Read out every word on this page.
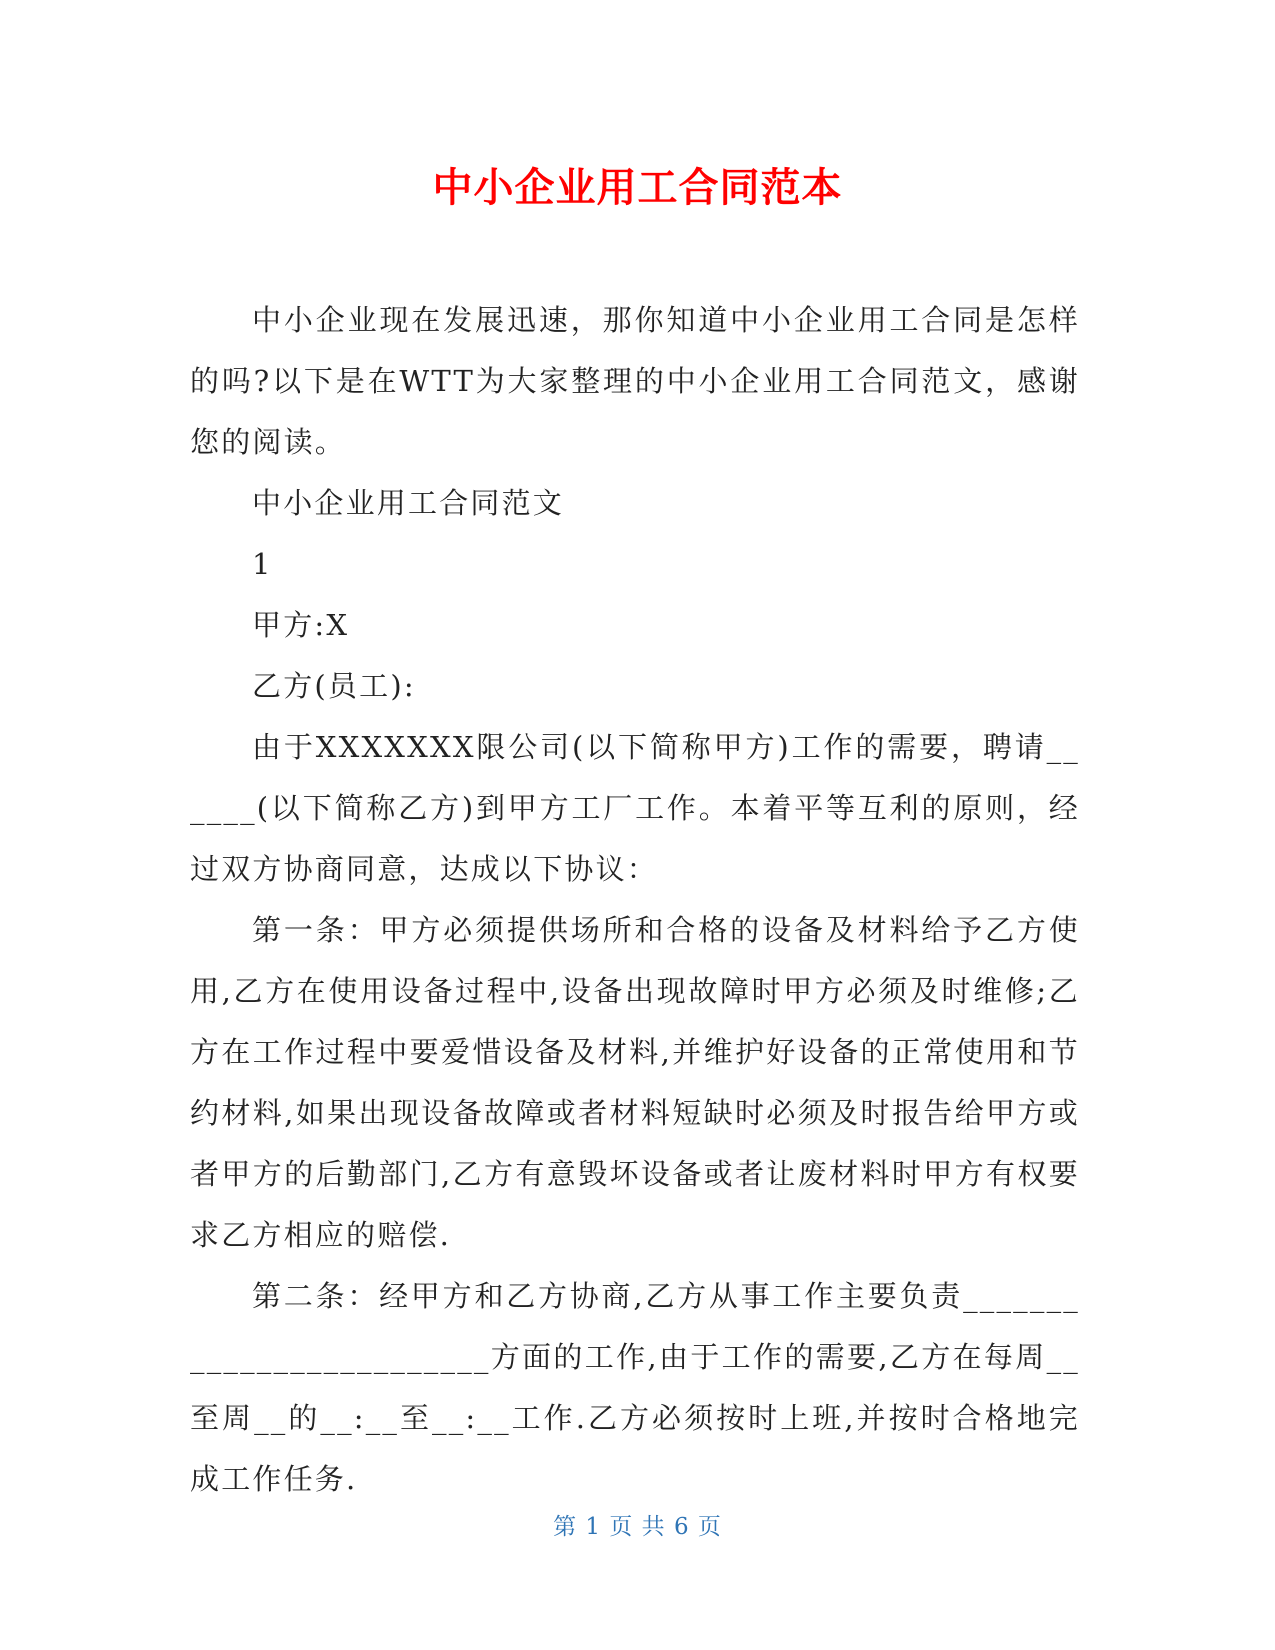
中小企业用工合同范本

中小企业现在发展迅速，那你知道中小企业用工合同是怎样的吗?以下是在WTT为大家整理的中小企业用工合同范文，感谢您的阅读。

中小企业用工合同范文

1

甲方:X

乙方(员工):

由于XXXXXXX限公司(以下简称甲方)工作的需要，聘请______(以下简称乙方)到甲方工厂工作。本着平等互利的原则，经过双方协商同意，达成以下协议：

第一条：甲方必须提供场所和合格的设备及材料给予乙方使用,乙方在使用设备过程中,设备出现故障时甲方必须及时维修;乙方在工作过程中要爱惜设备及材料,并维护好设备的正常使用和节约材料,如果出现设备故障或者材料短缺时必须及时报告给甲方或者甲方的后勤部门,乙方有意毁坏设备或者让废材料时甲方有权要求乙方相应的赔偿.

第二条：经甲方和乙方协商,乙方从事工作主要负责_________________________方面的工作,由于工作的需要,乙方在每周__至周__的__:__至__:__工作.乙方必须按时上班,并按时合格地完成工作任务.

第 1 页 共 6 页
